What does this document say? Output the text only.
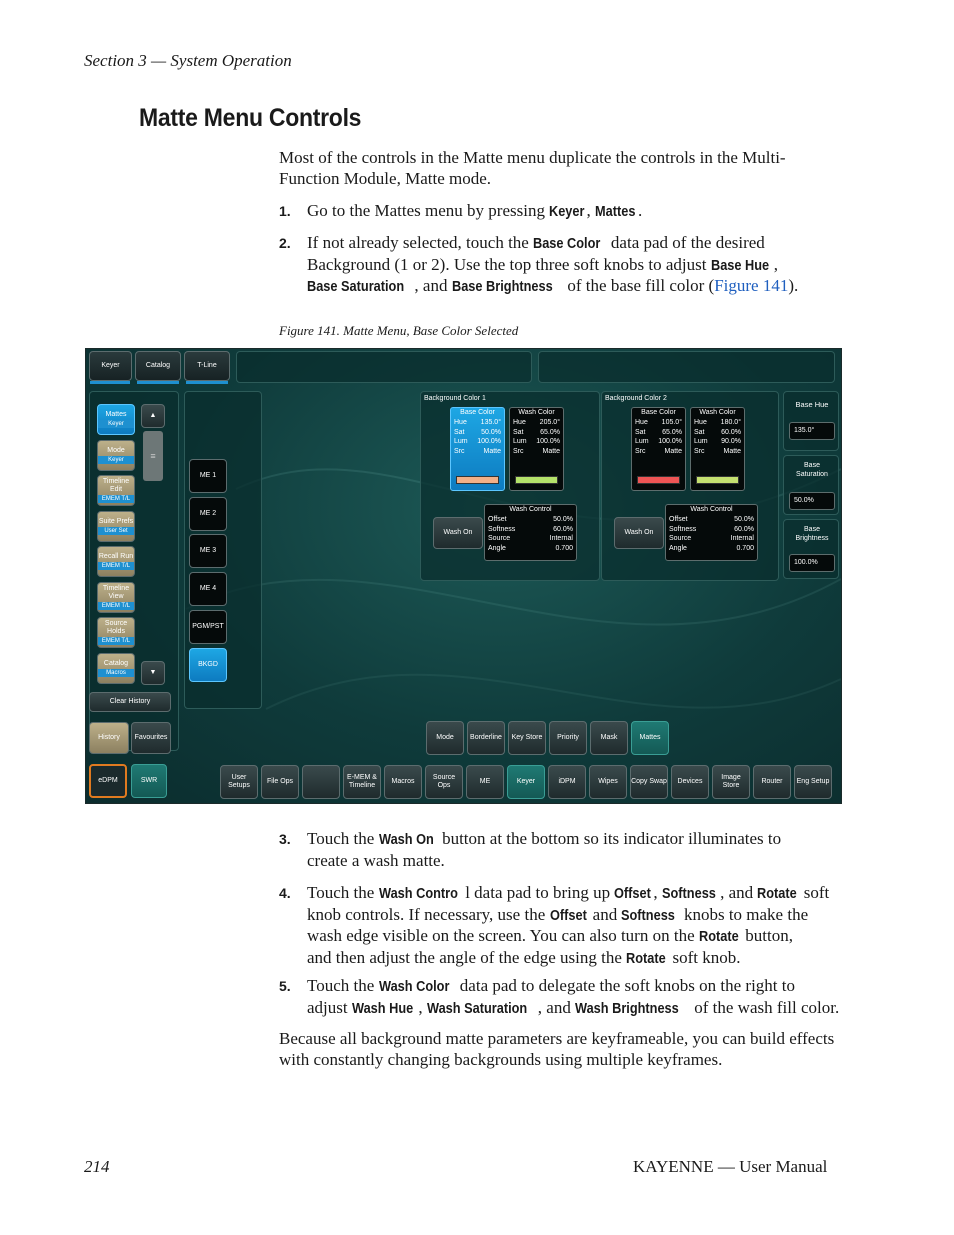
Section 3 — System Operation
Matte Menu Controls
Most of the controls in the Matte menu duplicate the controls in the Multi-Function Module, Matte mode.
1. Go to the Mattes menu by pressing Keyer , Mattes .
2. If not already selected, touch the Base Color data pad of the desired
Background (1 or 2). Use the top three soft knobs to adjust Base Hue ,
Base Saturation , and Base Brightness of the base fill color (Figure 141).
Figure 141. Matte Menu, Base Color Selected
Keyer	Catalog	T-Line
Mattes
Keyer
Mode
Keyer
Timeline Edit
EMEM T/L
Suite Prefs
User Set
Recall Run
EMEM T/L
Timeline View
EMEM T/L
Source Holds
EMEM T/L
Catalog
Macros
▲
≡
▼
Clear History
History Favourites
ME 1
ME 2
ME 3
ME 4
PGM/PST
BKGD
Background Color 1
Base Color
Hue 135.0°
Sat 50.0%
Lum 100.0%
Src	Matte
Wash Color
Hue 205.0°
Sat 65.0%
Lum 100.0%
Src	Matte
Wash On
Wash Control
Offset	50.0%
Softness	60.0%
Source	Internal
Angle	0.700
Background Color 2
Base Color
Hue 105.0°
Sat 65.0%
Lum 100.0%
Src	Matte
Wash Color
Hue 180.0°
Sat 60.0%
Lum 90.0%
Src	Matte
Wash On
Wash Control
Offset	50.0%
Softness	60.0%
Source	Internal
Angle	0.700
Base Hue
135.0°
Base Saturation
50.0%
Base Brightness
100.0%
Mode Borderline Key Store Priority	Mask	Mattes
eDPM	SWR	User Setups
File Ops
E-MEM & Timeline
Macros
Source Ops
ME	Keyer	iDPM	Wipes Copy Swap Devices
Image Store
Router Eng Setup
3. Touch the Wash On button at the bottom so its indicator illuminates to
create a wash matte.
4. Touch the Wash Contro l data pad to bring up Offset , Softness , and Rotate soft
knob controls. If necessary, use the Offset and Softness knobs to make the
wash edge visible on the screen. You can also turn on the Rotate button,
and then adjust the angle of the edge using the Rotate soft knob.
5. Touch the Wash Color data pad to delegate the soft knobs on the right to
adjust Wash Hue , Wash Saturation , and Wash Brightness of the wash fill color.
Because all background matte parameters are keyframeable, you can build effects with constantly changing backgrounds using multiple keyframes.
214	KAYENNE — User Manual
